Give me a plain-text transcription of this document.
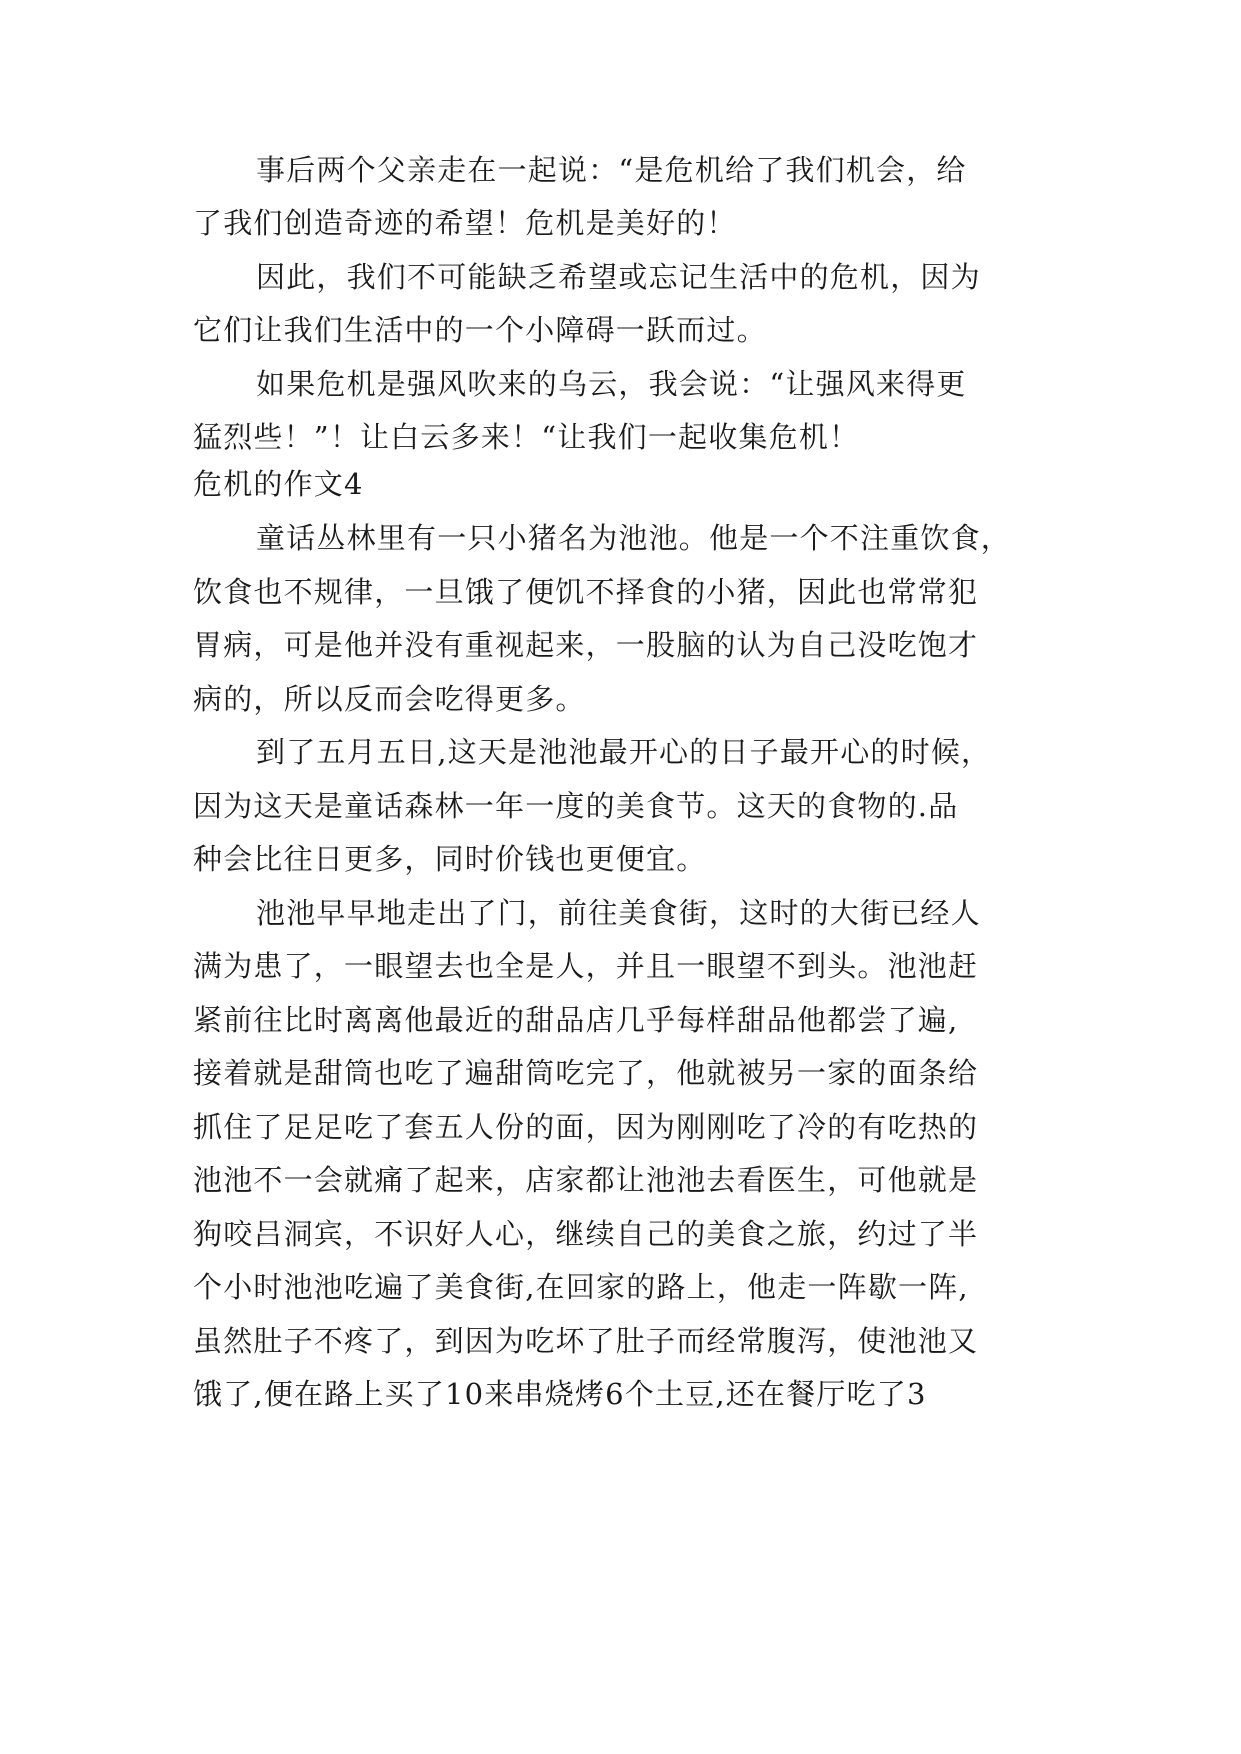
事后两个父亲走在一起说：“是危机给了我们机会，给
了我们创造奇迹的希望！危机是美好的！
因此，我们不可能缺乏希望或忘记生活中的危机，因为
它们让我们生活中的一个小障碍一跃而过。
如果危机是强风吹来的乌云，我会说：“让强风来得更
猛烈些！”！让白云多来！“让我们一起收集危机！
危机的作文4
童话丛林里有一只小猪名为池池。他是一个不注重饮食，
饮食也不规律，一旦饿了便饥不择食的小猪，因此也常常犯
胃病，可是他并没有重视起来，一股脑的认为自己没吃饱才
病的，所以反而会吃得更多。
到了五月五日,这天是池池最开心的日子最开心的时候，
因为这天是童话森林一年一度的美食节。这天的食物的.品
种会比往日更多，同时价钱也更便宜。
池池早早地走出了门，前往美食街，这时的大街已经人
满为患了，一眼望去也全是人，并且一眼望不到头。池池赶
紧前往比时离离他最近的甜品店几乎每样甜品他都尝了遍,
接着就是甜筒也吃了遍甜筒吃完了，他就被另一家的面条给
抓住了足足吃了套五人份的面，因为刚刚吃了冷的有吃热的
池池不一会就痛了起来，店家都让池池去看医生，可他就是
狗咬吕洞宾，不识好人心，继续自己的美食之旅，约过了半
个小时池池吃遍了美食街,在回家的路上，他走一阵歇一阵,
虽然肚子不疼了，到因为吃坏了肚子而经常腹泻，使池池又
饿了,便在路上买了10来串烧烤6个土豆,还在餐厅吃了3
